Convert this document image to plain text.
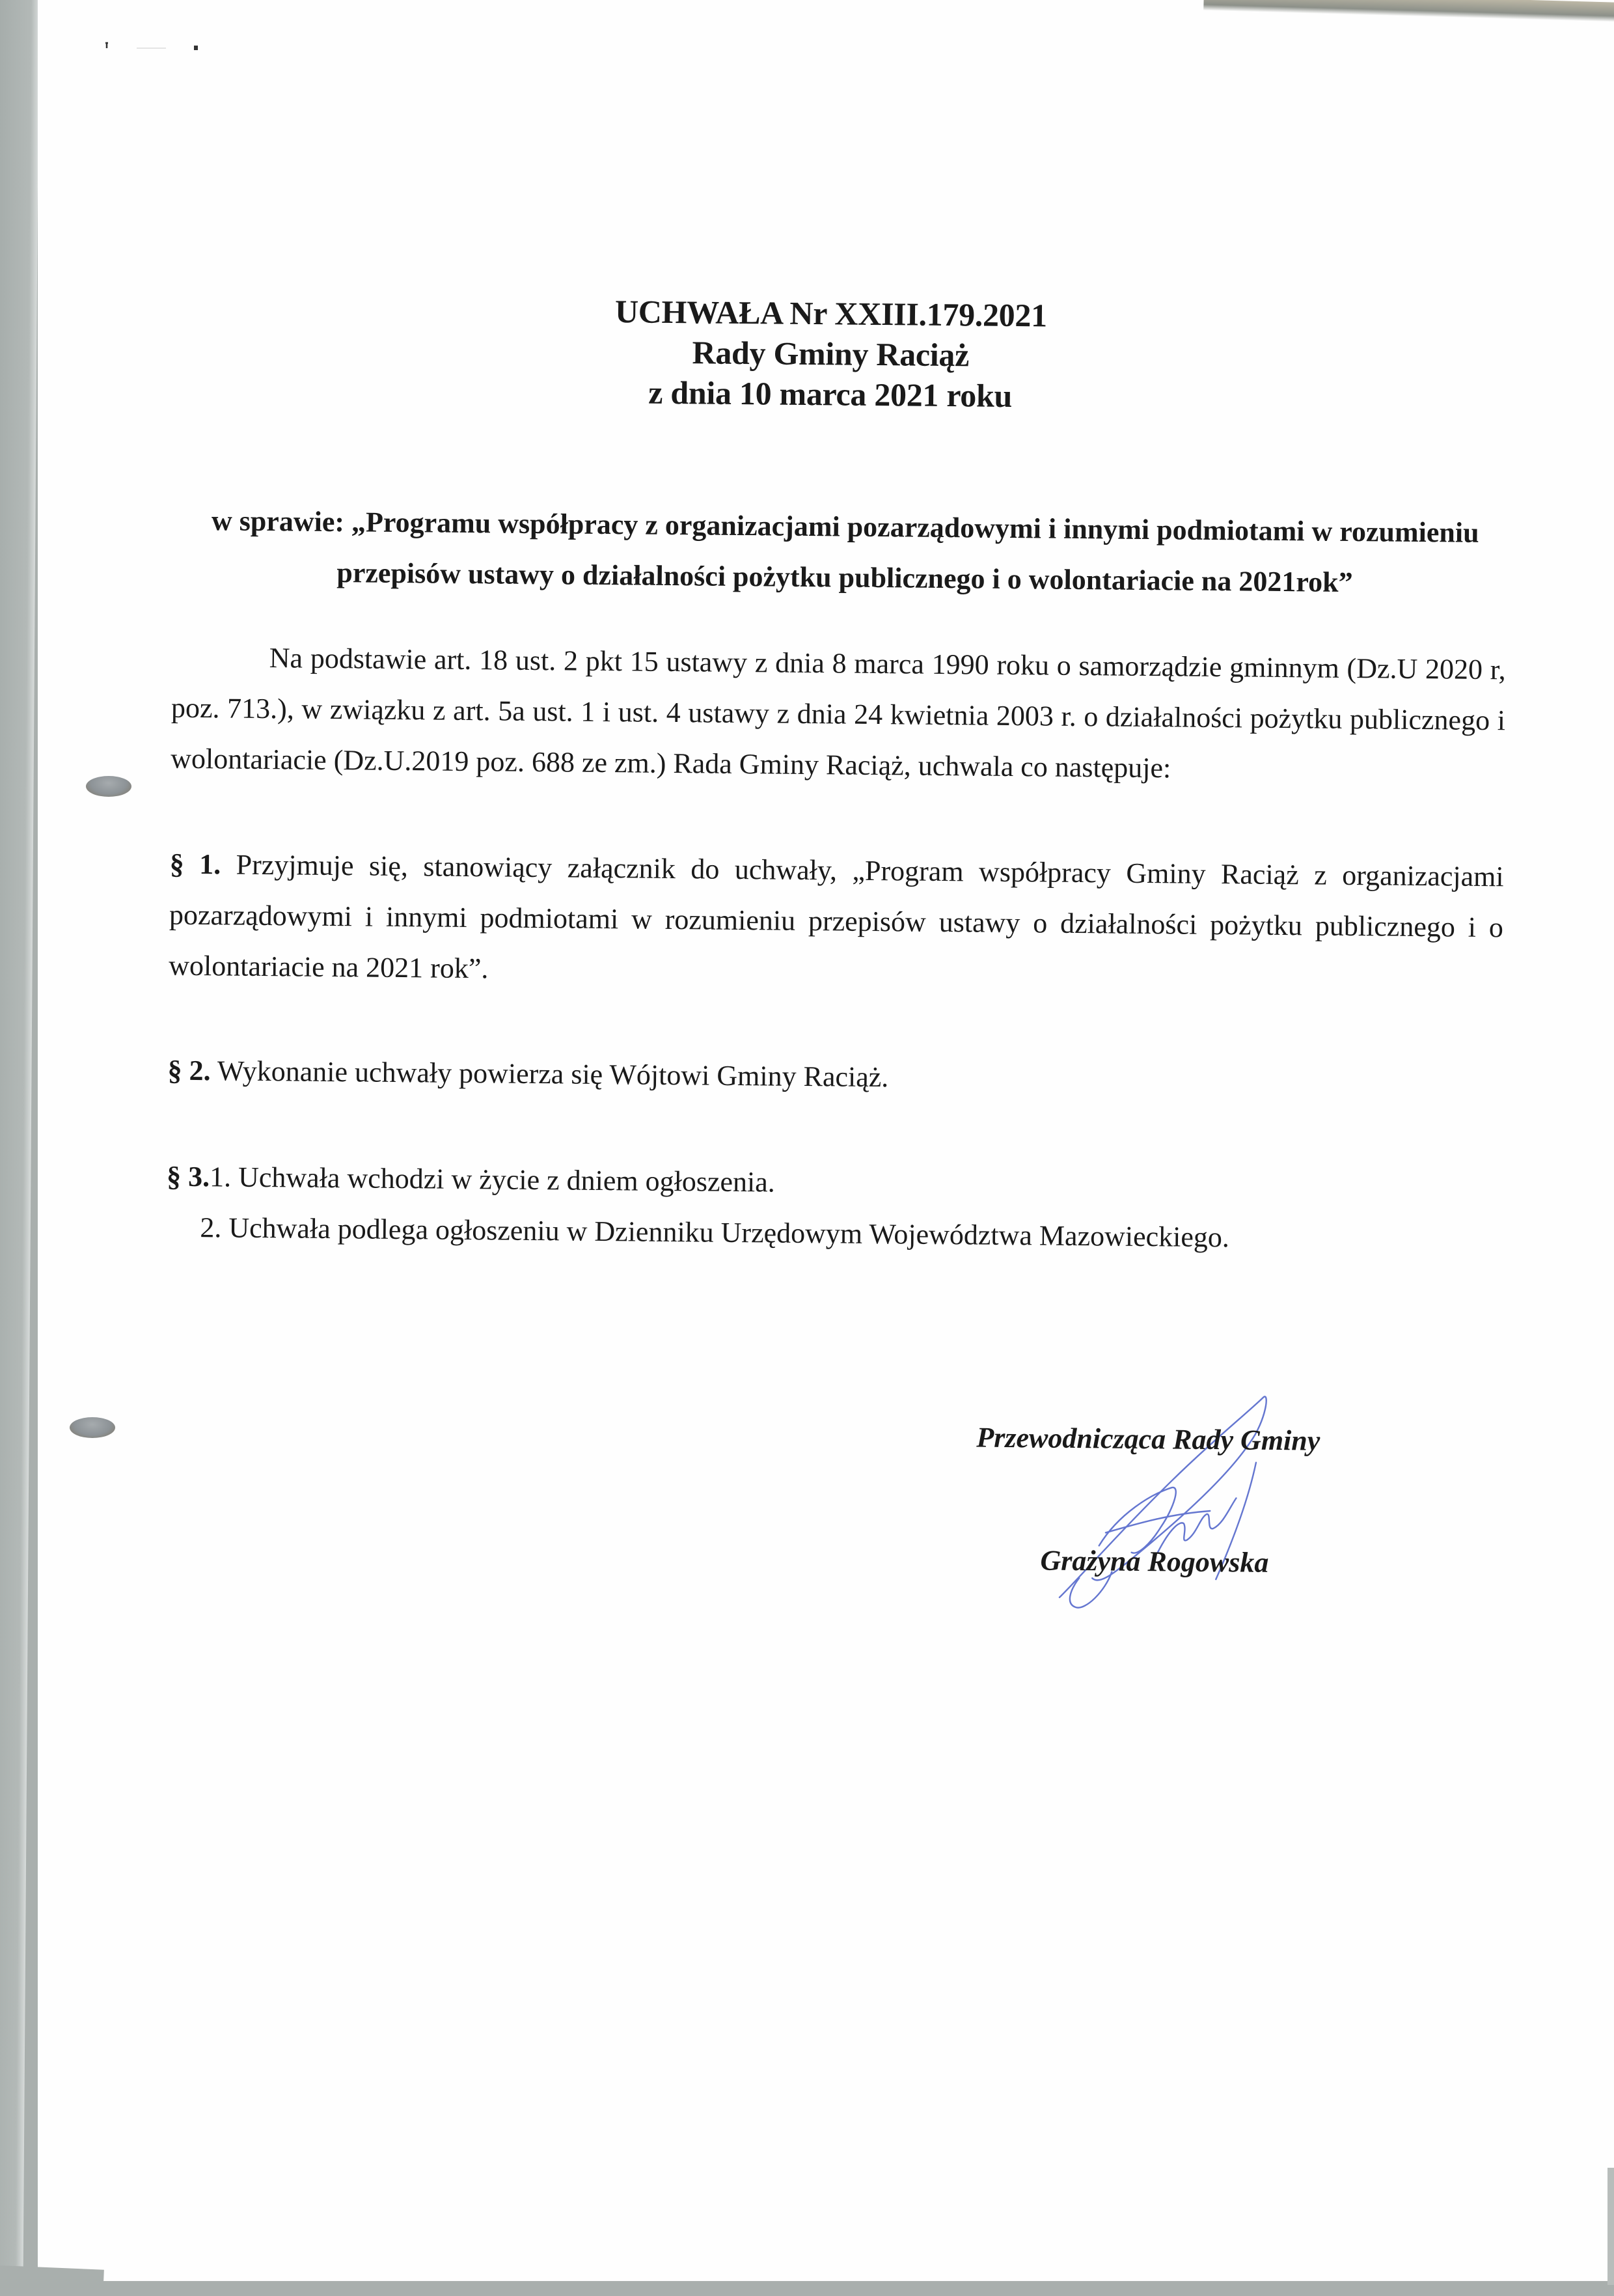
UCHWAŁA Nr XXIII.179.2021
Rady Gminy Raciąż
z dnia 10 marca 2021 roku
w sprawie: „Programu współpracy z organizacjami pozarządowymi i innymi podmiotami w rozumieniu
przepisów ustawy o działalności pożytku publicznego i o wolontariacie na 2021rok”
Na podstawie art. 18 ust. 2 pkt 15 ustawy z dnia 8 marca 1990 roku o samorządzie gminnym (Dz.U 2020 r, poz. 713.), w związku z art. 5a ust. 1 i ust. 4 ustawy z dnia 24 kwietnia 2003 r. o działalności pożytku publicznego i wolontariacie (Dz.U.2019 poz. 688 ze zm.) Rada Gminy Raciąż, uchwala co następuje:
§ 1. Przyjmuje się, stanowiący załącznik do uchwały, „Program współpracy Gminy Raciąż z organizacjami pozarządowymi i innymi podmiotami w rozumieniu przepisów ustawy o działalności pożytku publicznego i o wolontariacie na 2021 rok”.
§ 2. Wykonanie uchwały powierza się Wójtowi Gminy Raciąż.
§ 3.1. Uchwała wchodzi w życie z dniem ogłoszenia.
2. Uchwała podlega ogłoszeniu w Dzienniku Urzędowym Województwa Mazowieckiego.
Przewodnicząca Rady Gminy
Grażyna Rogowska
